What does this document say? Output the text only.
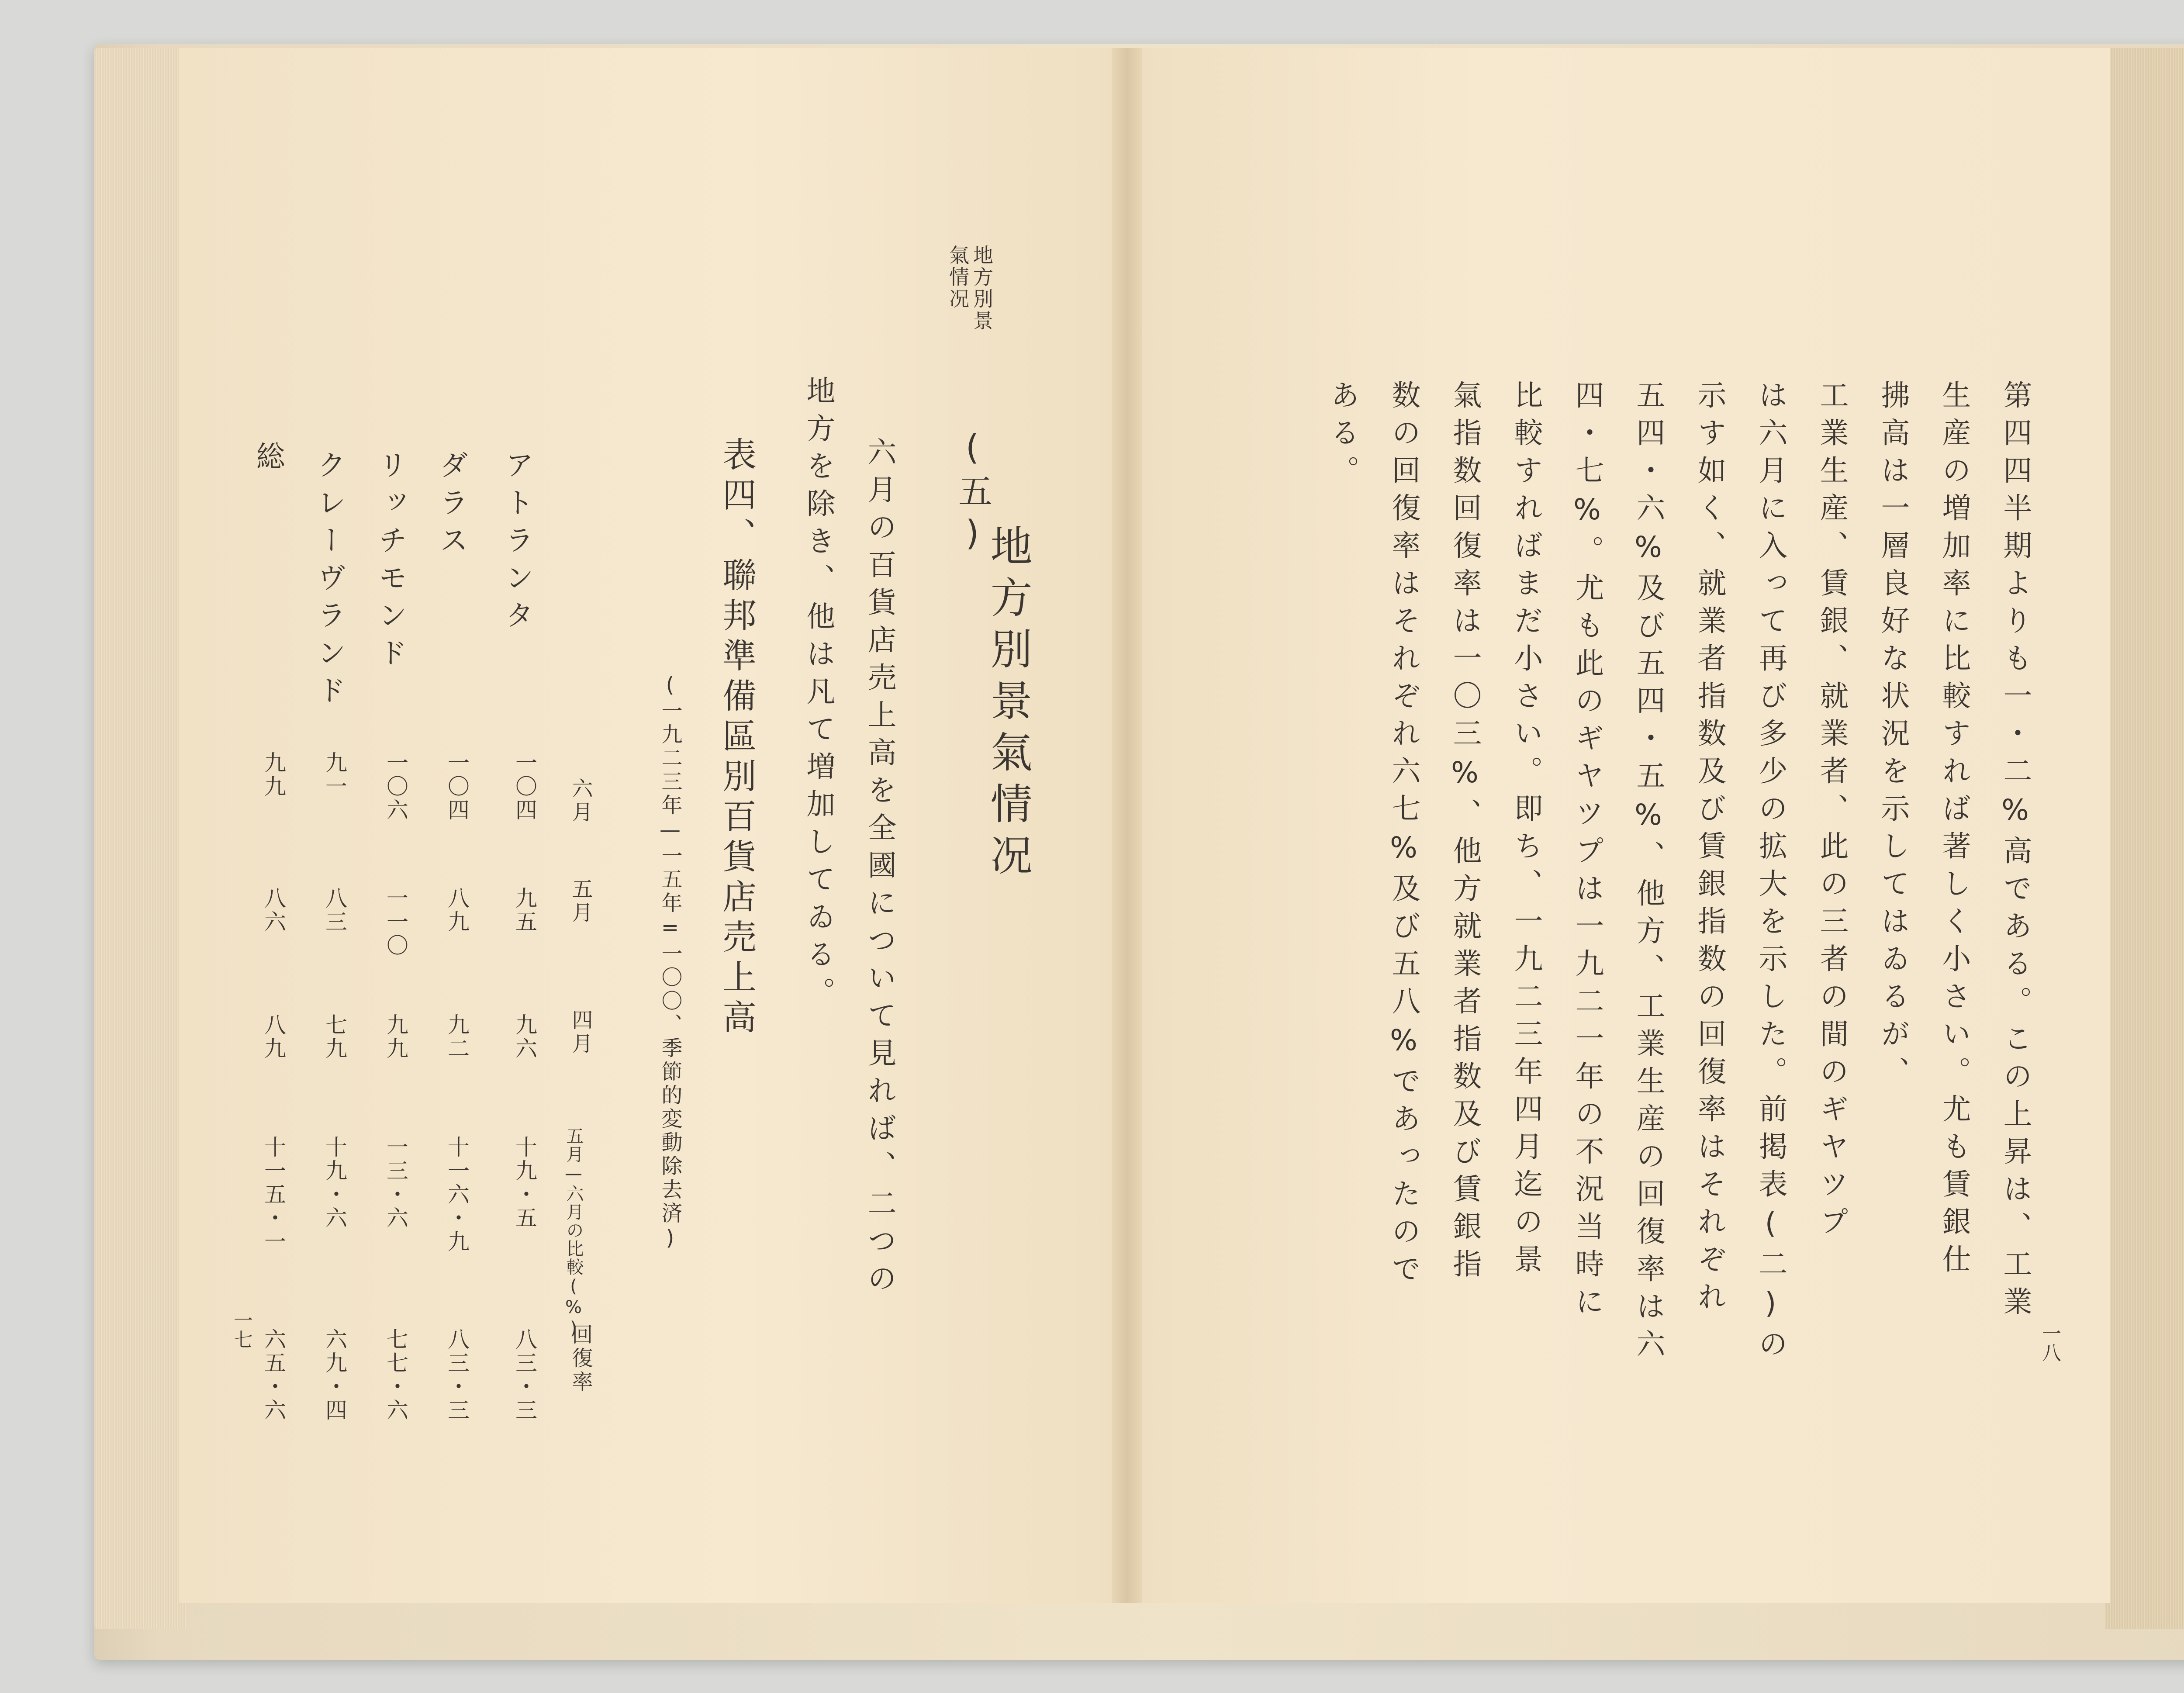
地方別景
氣情况
(五)
地方別景氣情况
六月の百貨店売上高を全國について見れば、二つの
地方を除き、他は凡て増加してゐる。
表四、聯邦準備區別百貨店売上高
(一九二三年—一五年=一〇〇、季節的変動除去済)
六月
五月
四月
五月—六月の比較(%)
回復率
アトランタ
一〇四
九五
九六
十九・五
八三・三
ダラス
一〇四
八九
九二
十一六・九
八三・三
リッチモンド
一〇六
一一〇
九九
一三・六
七七・六
クレーヴランド
九一
八三
七九
十九・六
六九・四
総
九九
八六
八九
十一五・一
六五・六
一七	一八
第四四半期よりも一・二%高である。この上昇は、工業
生産の増加率に比較すれば著しく小さい。尤も賃銀仕
拂高は一層良好な状況を示してはゐるが、
工業生産、賃銀、就業者、此の三者の間のギヤツプ
は六月に入って再び多少の拡大を示した。前掲表(二)の
示す如く、就業者指数及び賃銀指数の回復率はそれぞれ
五四・六%及び五四・五%、他方、工業生産の回復率は六
四・七%。尤も此のギヤツプは一九二一年の不況当時に
比較すればまだ小さい。即ち、一九二三年四月迄の景
氣指数回復率は一〇三%、他方就業者指数及び賃銀指
数の回復率はそれぞれ六七%及び五八%であったので
ある。
